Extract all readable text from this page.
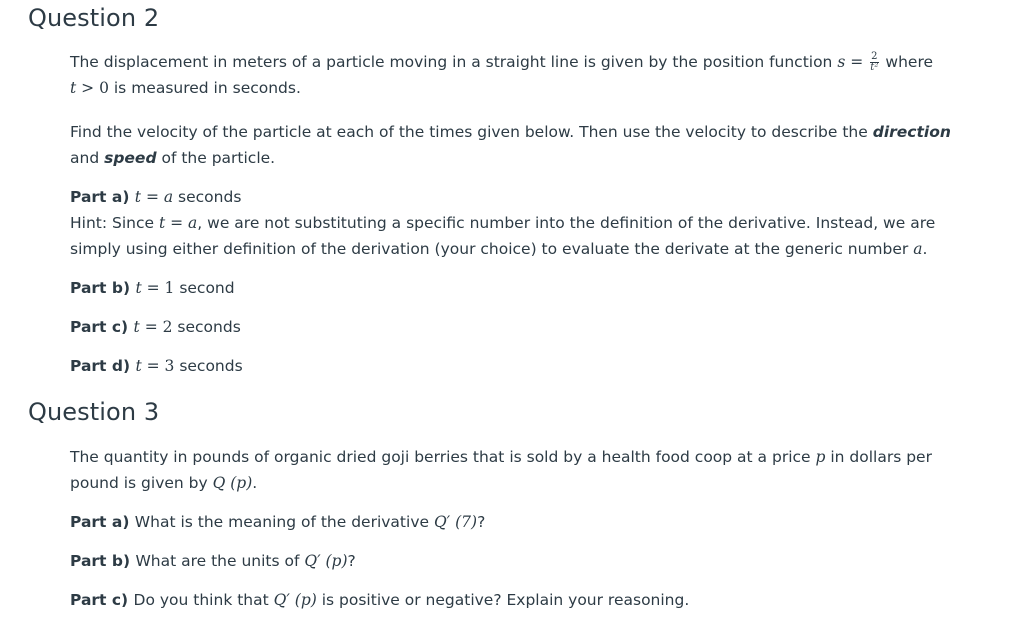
Question 2
The displacement in meters of a particle moving in a straight line is given by the position function $s = \frac{2}{\text{t²}}$ where
t > 0 is measured in seconds.
Find the velocity of the particle at each of the times given below. Then use the velocity to describe the direction
and speed of the particle.
Part a) t = a seconds
Hint: Since t = a, we are not substituting a specific number into the definition of the derivative. Instead, we are
simply using either definition of the derivation (your choice) to evaluate the derivate at the generic number a.
Part b) t = 1 second
Part c) t = 2 seconds
Part d) t = 3 seconds
Question 3
The quantity in pounds of organic dried goji berries that is sold by a health food coop at a price p in dollars per
pound is given by Q (p).
Part a) What is the meaning of the derivative Q′ (7)?
Part b) What are the units of Q′ (p)?
Part c) Do you think that Q′ (p) is positive or negative? Explain your reasoning.
